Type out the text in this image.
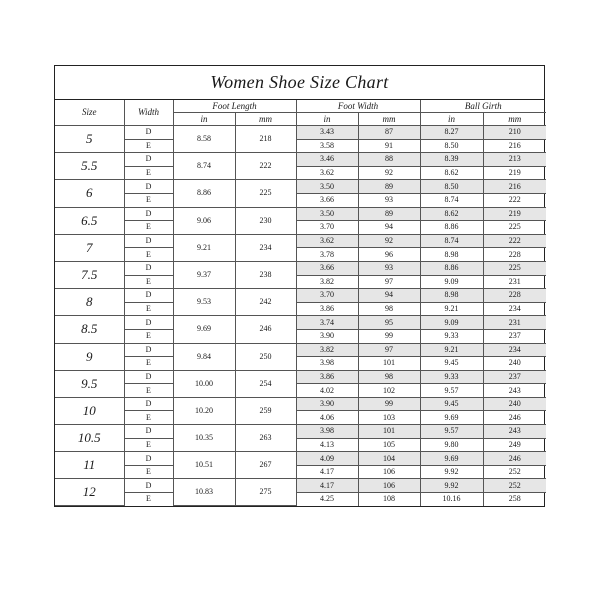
Women Shoe Size Chart
Size	Width	Foot Length		Foot Width		Ball Girth	
		in	mm	in	mm	in	mm
5	D	8.58	218	3.43	87	8.27	210
	E			3.58	91	8.50	216
5.5	D	8.74	222	3.46	88	8.39	213
	E			3.62	92	8.62	219
6	D	8.86	225	3.50	89	8.50	216
	E			3.66	93	8.74	222
6.5	D	9.06	230	3.50	89	8.62	219
	E			3.70	94	8.86	225
7	D	9.21	234	3.62	92	8.74	222
	E			3.78	96	8.98	228
7.5	D	9.37	238	3.66	93	8.86	225
	E			3.82	97	9.09	231
8	D	9.53	242	3.70	94	8.98	228
	E			3.86	98	9.21	234
8.5	D	9.69	246	3.74	95	9.09	231
	E			3.90	99	9.33	237
9	D	9.84	250	3.82	97	9.21	234
	E			3.98	101	9.45	240
9.5	D	10.00	254	3.86	98	9.33	237
	E			4.02	102	9.57	243
10	D	10.20	259	3.90	99	9.45	240
	E			4.06	103	9.69	246
10.5	D	10.35	263	3.98	101	9.57	243
	E			4.13	105	9.80	249
11	D	10.51	267	4.09	104	9.69	246
	E			4.17	106	9.92	252
12	D	10.83	275	4.17	106	9.92	252
	E			4.25	108	10.16	258
